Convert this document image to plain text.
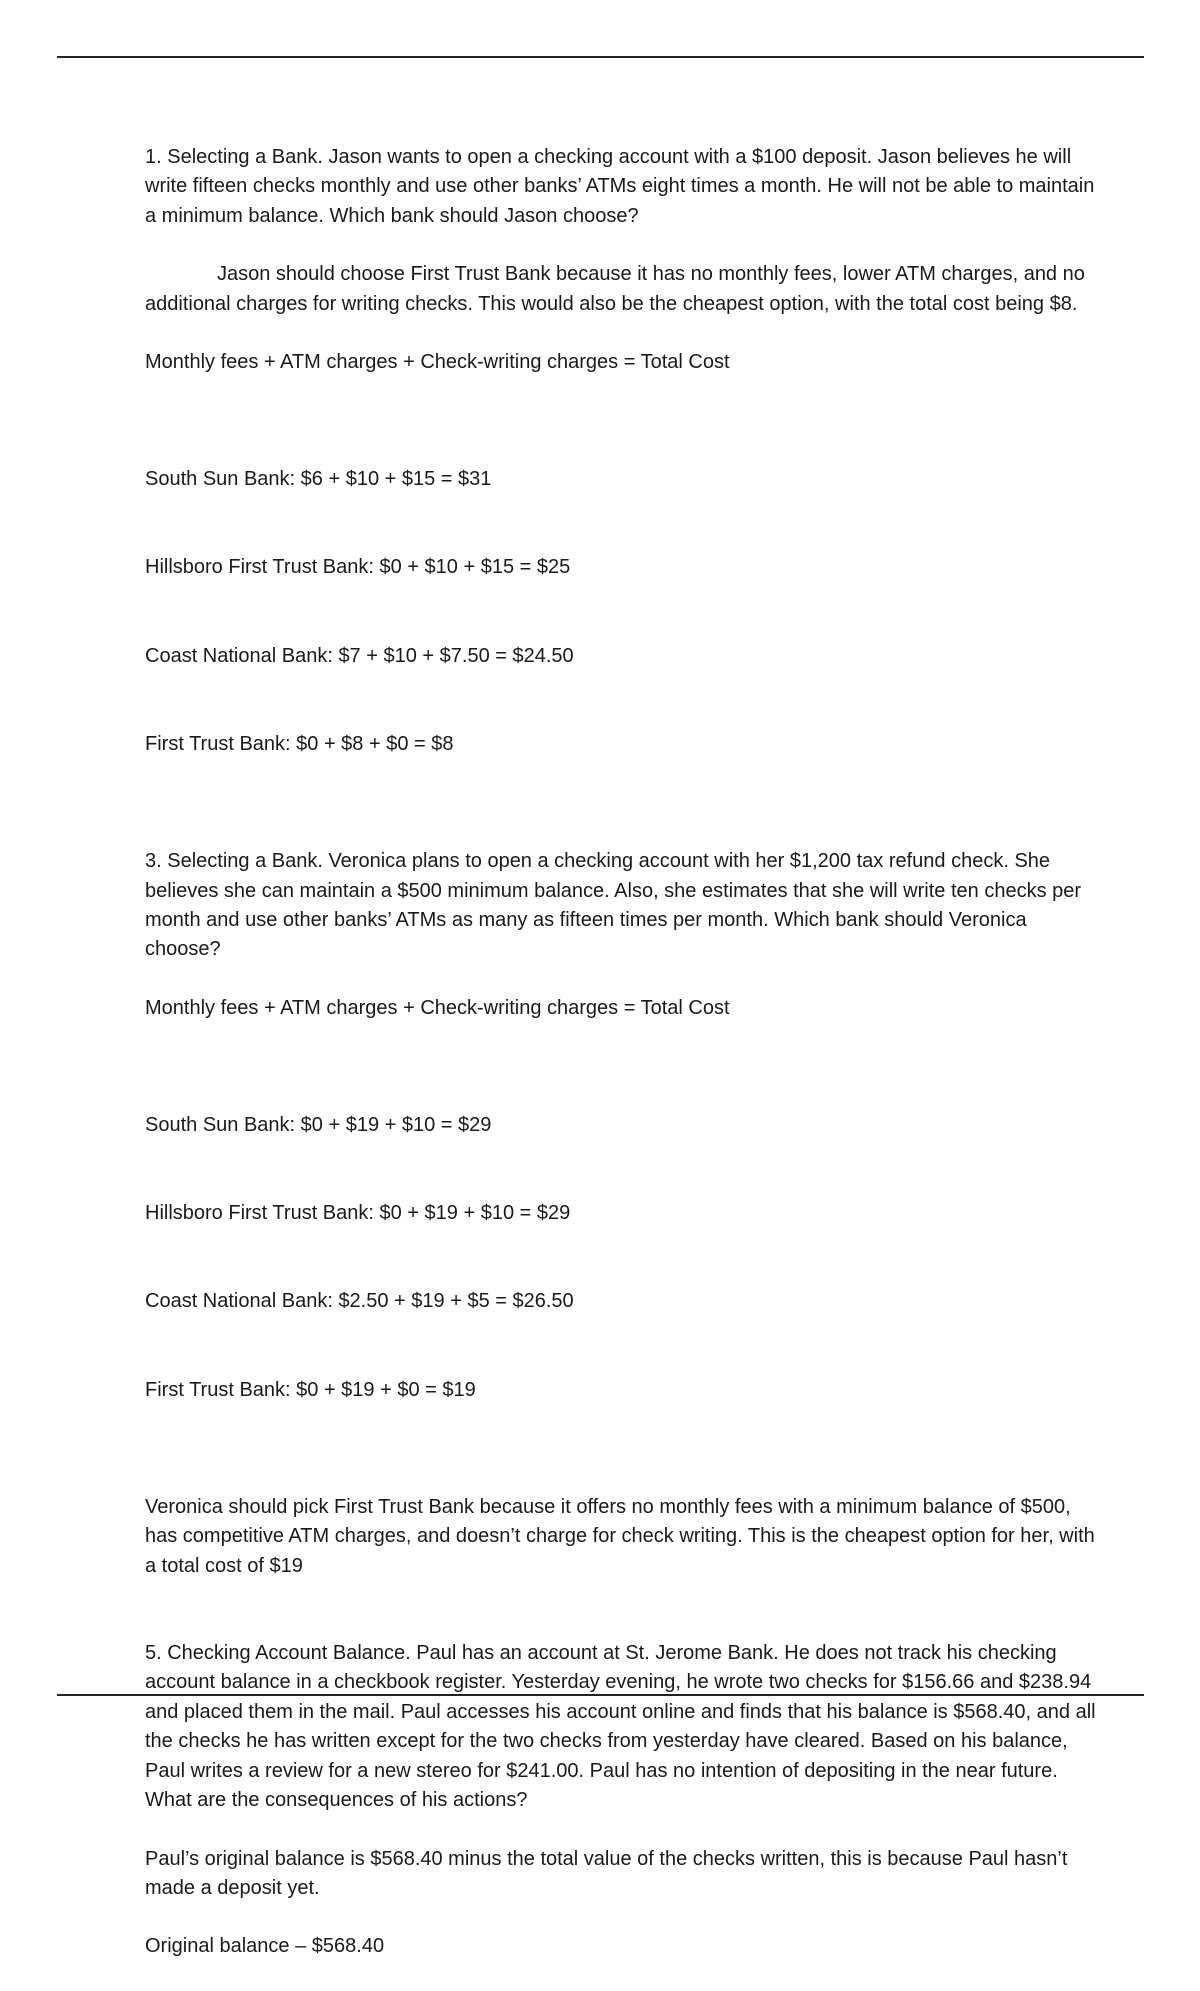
1. Selecting a Bank. Jason wants to open a checking account with a $100 deposit. Jason believes he will write fifteen checks monthly and use other banks’ ATMs eight times a month. He will not be able to maintain a minimum balance. Which bank should Jason choose?

Jason should choose First Trust Bank because it has no monthly fees, lower ATM charges, and no additional charges for writing checks. This would also be the cheapest option, with the total cost being $8.

Monthly fees + ATM charges + Check-writing charges = Total Cost

South Sun Bank: $6 + $10 + $15 = $31

Hillsboro First Trust Bank: $0 + $10 + $15 = $25

Coast National Bank: $7 + $10 + $7.50 = $24.50

First Trust Bank: $0 + $8 + $0 = $8

3. Selecting a Bank. Veronica plans to open a checking account with her $1,200 tax refund check. She believes she can maintain a $500 minimum balance. Also, she estimates that she will write ten checks per month and use other banks’ ATMs as many as fifteen times per month. Which bank should Veronica choose?

Monthly fees + ATM charges + Check-writing charges = Total Cost

South Sun Bank: $0 + $19 + $10 = $29

Hillsboro First Trust Bank: $0 + $19 + $10 = $29

Coast National Bank: $2.50 + $19 + $5 = $26.50

First Trust Bank: $0 + $19 + $0 = $19

Veronica should pick First Trust Bank because it offers no monthly fees with a minimum balance of $500, has competitive ATM charges, and doesn’t charge for check writing. This is the cheapest option for her, with a total cost of $19

5. Checking Account Balance. Paul has an account at St. Jerome Bank. He does not track his checking account balance in a checkbook register. Yesterday evening, he wrote two checks for $156.66 and $238.94 and placed them in the mail. Paul accesses his account online and finds that his balance is $568.40, and all the checks he has written except for the two checks from yesterday have cleared. Based on his balance, Paul writes a review for a new stereo for $241.00. Paul has no intention of depositing in the near future. What are the consequences of his actions?

Paul’s original balance is $568.40 minus the total value of the checks written, this is because Paul hasn’t made a deposit yet.

Original balance – $568.40
